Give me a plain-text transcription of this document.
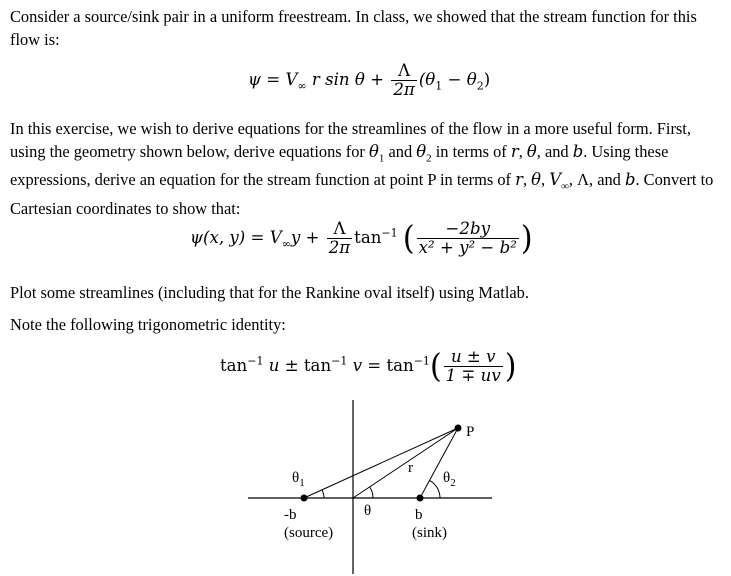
Consider a source/sink pair in a uniform freestream. In class, we showed that the stream function for this flow is:
$\psi = V_\infty$ r $\sin \theta + \frac{\Lambda}{2\pi} (\theta_1 - \theta_2)$
In this exercise, we wish to derive equations for the streamlines of the flow in a more useful form. First, using the geometry shown below, derive equations for $\theta_1$ and $\theta_2$ in terms of r, θ, and b. Using these expressions, derive an equation for the stream function at point P in terms of r, θ, $V_\infty$, Λ, and b. Convert to Cartesian coordinates to show that:
ψ(x, $y) = V_\infty y + \frac{\Lambda}{2\pi} \tan^{-1}$ ( $\frac{-2by}{\text{x² + y² − b²}}$ )
Plot some streamlines (including that for the Rankine oval itself) using Matlab.
Note the following trigonometric identity:
$\tan^{-1} u \pm \tan^{-1} v = \tan^{-1}( \frac{u \pm v}{1 \mp uv}$ )
P
r
$\theta_1$	$\theta_2$
θ
-b
(source)
b
(sink)
